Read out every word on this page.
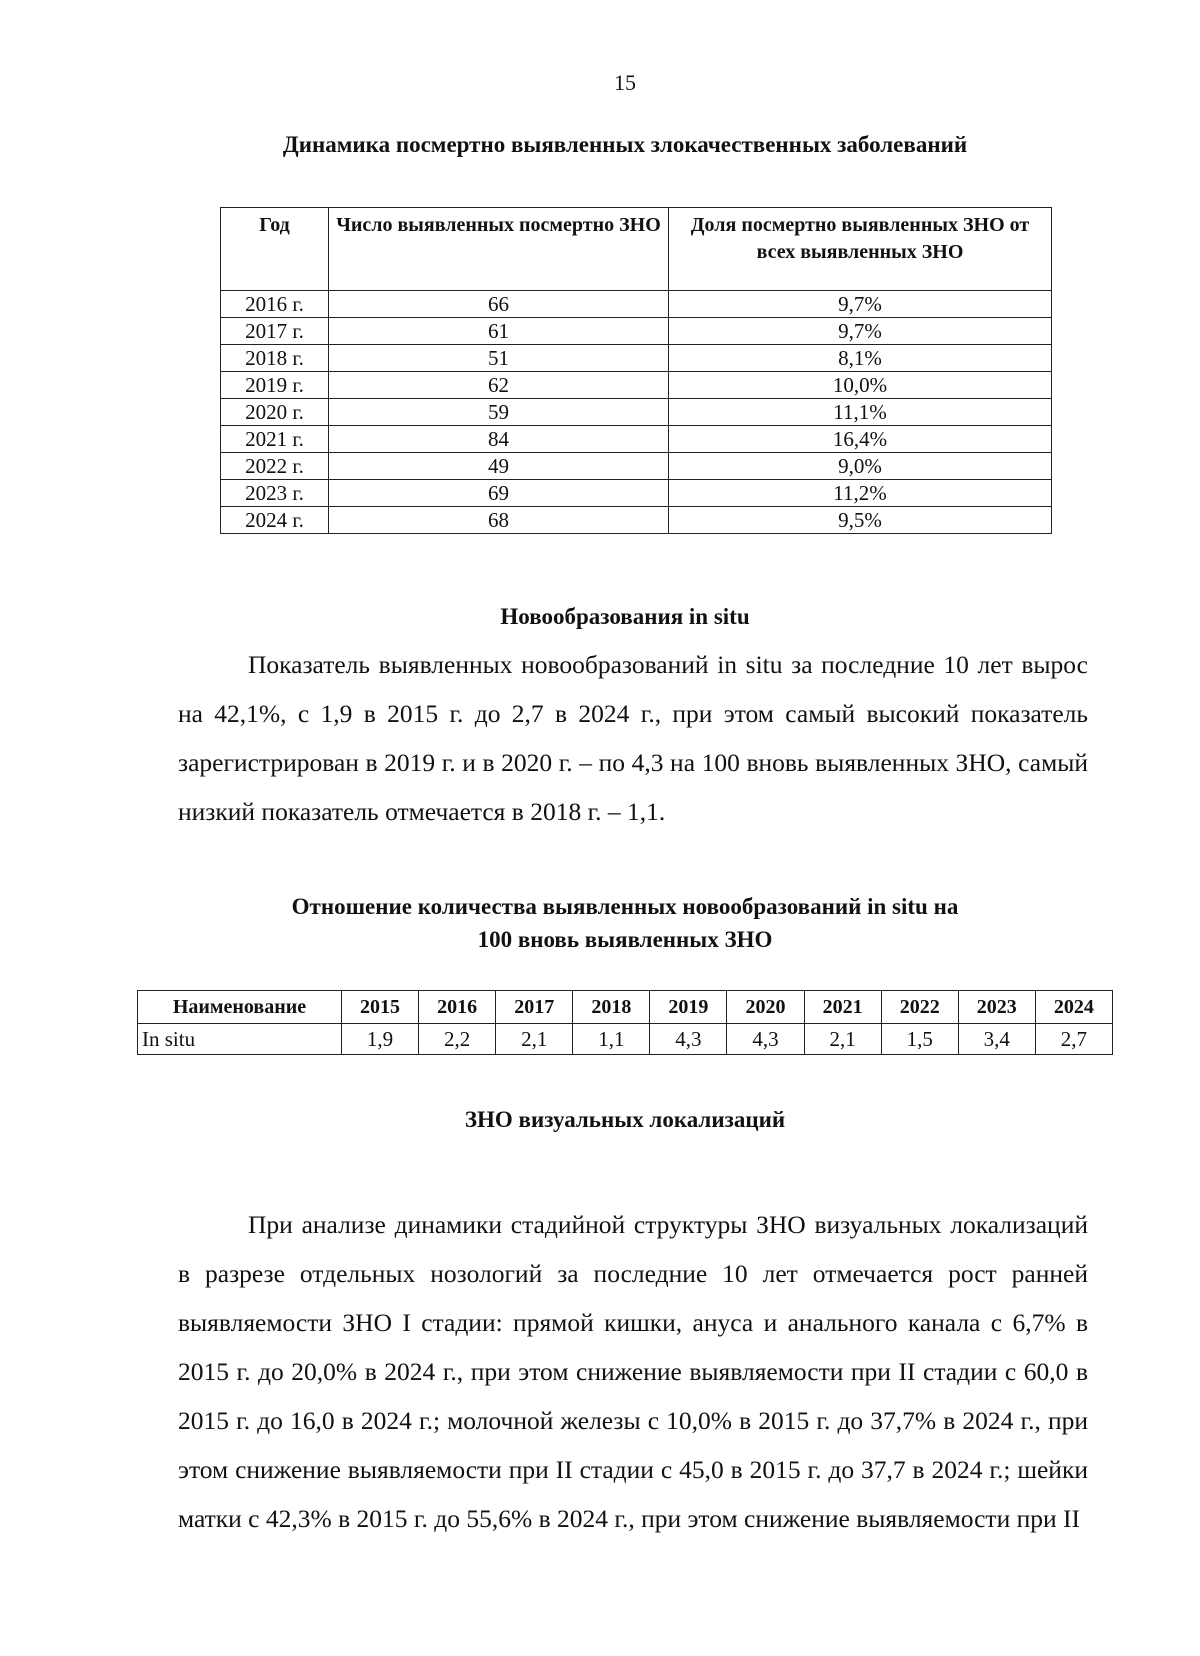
15
Динамика посмертно выявленных злокачественных заболеваний
Год	Число выявленных посмертно ЗНО	Доля посмертно выявленных ЗНО от всех выявленных ЗНО
2016 г.	66	9,7%
2017 г.	61	9,7%
2018 г.	51	8,1%
2019 г.	62	10,0%
2020 г.	59	11,1%
2021 г.	84	16,4%
2022 г.	49	9,0%
2023 г.	69	11,2%
2024 г.	68	9,5%
Новообразования in situ

Показатель выявленных новообразований in situ за последние 10 лет вырос на 42,1%, с 1,9 в 2015 г. до 2,7 в 2024 г., при этом самый высокий показатель зарегистрирован в 2019 г. и в 2020 г. – по 4,3 на 100 вновь выявленных ЗНО, самый низкий показатель отмечается в 2018 г. – 1,1.

Отношение количества выявленных новообразований in situ на
100 вновь выявленных ЗНО
Наименование	2015	2016	2017	2018	2019	2020	2021	2022	2023	2024
In situ	1,9	2,2	2,1	1,1	4,3	4,3	2,1	1,5	3,4	2,7
ЗНО визуальных локализаций

При анализе динамики стадийной структуры ЗНО визуальных локализаций в разрезе отдельных нозологий за последние 10 лет отмечается рост ранней выявляемости ЗНО I стадии: прямой кишки, ануса и анального канала с 6,7% в 2015 г. до 20,0% в 2024 г., при этом снижение выявляемости при II стадии с 60,0 в 2015 г. до 16,0 в 2024 г.; молочной железы с 10,0% в 2015 г. до 37,7% в 2024 г., при этом снижение выявляемости при II стадии с 45,0 в 2015 г. до 37,7 в 2024 г.; шейки матки с 42,3% в 2015 г. до 55,6% в 2024 г., при этом снижение выявляемости при II
